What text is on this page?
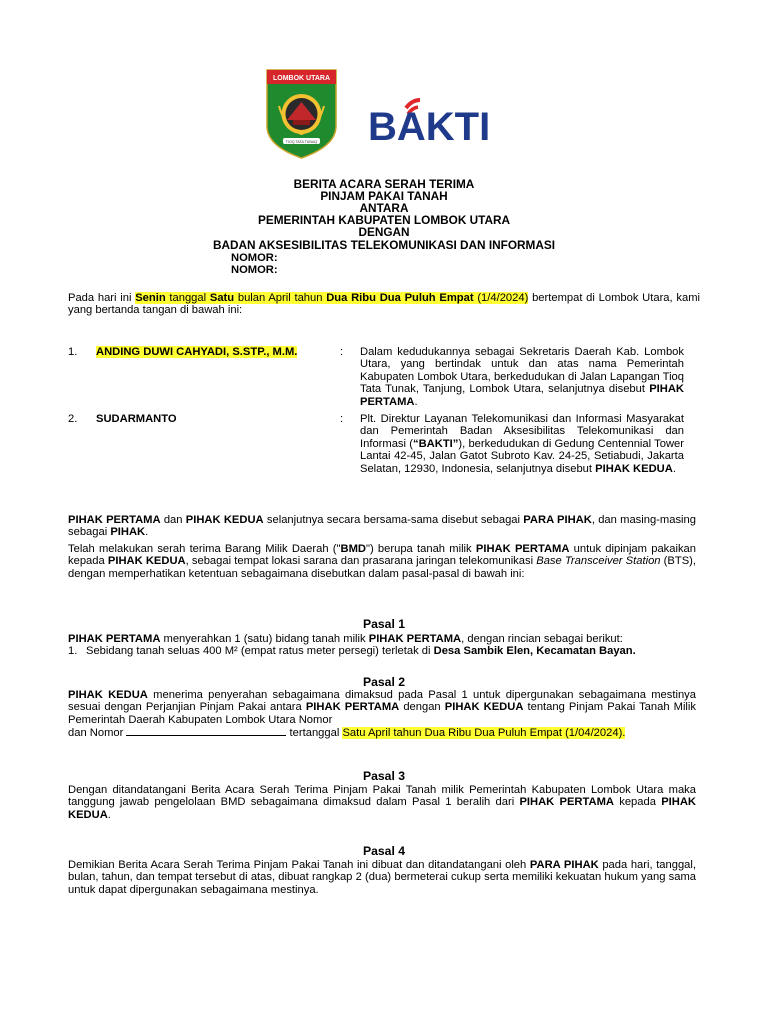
LOMBOK UTARA
TIOQ TATA TUNAQ BAKTI
BERITA ACARA SERAH TERIMA
PINJAM PAKAI TANAH
ANTARA
PEMERINTAH KABUPATEN LOMBOK UTARA
DENGAN
BADAN AKSESIBILITAS TELEKOMUNIKASI DAN INFORMASI
NOMOR:
NOMOR:
Pada hari ini Senin tanggal Satu bulan April tahun Dua Ribu Dua Puluh Empat (1/4/2024) bertempat di Lombok Utara, kami yang bertanda tangan di bawah ini:
1. ANDING DUWI CAHYADI, S.STP., M.M.	: Dalam kedudukannya sebagai Sekretaris Daerah Kab. Lombok Utara, yang bertindak untuk dan atas nama Pemerintah Kabupaten Lombok Utara, berkedudukan di Jalan Lapangan Tioq Tata Tunak, Tanjung, Lombok Utara, selanjutnya disebut PIHAK PERTAMA.
2. SUDARMANTO	: Plt. Direktur Layanan Telekomunikasi dan Informasi Masyarakat dan Pemerintah Badan Aksesibilitas Telekomunikasi dan Informasi (“BAKTI”), berkedudukan di Gedung Centennial Tower Lantai 42-45, Jalan Gatot Subroto Kav. 24-25, Setiabudi, Jakarta Selatan, 12930, Indonesia, selanjutnya disebut PIHAK KEDUA.
PIHAK PERTAMA dan PIHAK KEDUA selanjutnya secara bersama-sama disebut sebagai PARA PIHAK, dan masing-masing sebagai PIHAK.
Telah melakukan serah terima Barang Milik Daerah ("BMD") berupa tanah milik PIHAK PERTAMA untuk dipinjam pakaikan kepada PIHAK KEDUA, sebagai tempat lokasi sarana dan prasarana jaringan telekomunikasi Base Transceiver Station (BTS), dengan memperhatikan ketentuan sebagaimana disebutkan dalam pasal-pasal di bawah ini:
Pasal 1
PIHAK PERTAMA menyerahkan 1 (satu) bidang tanah milik PIHAK PERTAMA, dengan rincian sebagai berikut:
1. Sebidang tanah seluas 400 M² (empat ratus meter persegi) terletak di Desa Sambik Elen, Kecamatan Bayan.
Pasal 2
PIHAK KEDUA menerima penyerahan sebagaimana dimaksud pada Pasal 1 untuk dipergunakan sebagaimana mestinya sesuai dengan Perjanjian Pinjam Pakai antara PIHAK PERTAMA dengan PIHAK KEDUA tentang Pinjam Pakai Tanah Milik Pemerintah Daerah Kabupaten Lombok Utara Nomor
dan Nomor	tertanggal Satu April tahun Dua Ribu Dua Puluh Empat (1/04/2024).
Pasal 3
Dengan ditandatangani Berita Acara Serah Terima Pinjam Pakai Tanah milik Pemerintah Kabupaten Lombok Utara maka tanggung jawab pengelolaan BMD sebagaimana dimaksud dalam Pasal 1 beralih dari PIHAK PERTAMA kepada PIHAK KEDUA.
Pasal 4
Demikian Berita Acara Serah Terima Pinjam Pakai Tanah ini dibuat dan ditandatangani oleh PARA PIHAK pada hari, tanggal, bulan, tahun, dan tempat tersebut di atas, dibuat rangkap 2 (dua) bermeterai cukup serta memiliki kekuatan hukum yang sama untuk dapat dipergunakan sebagaimana mestinya.
